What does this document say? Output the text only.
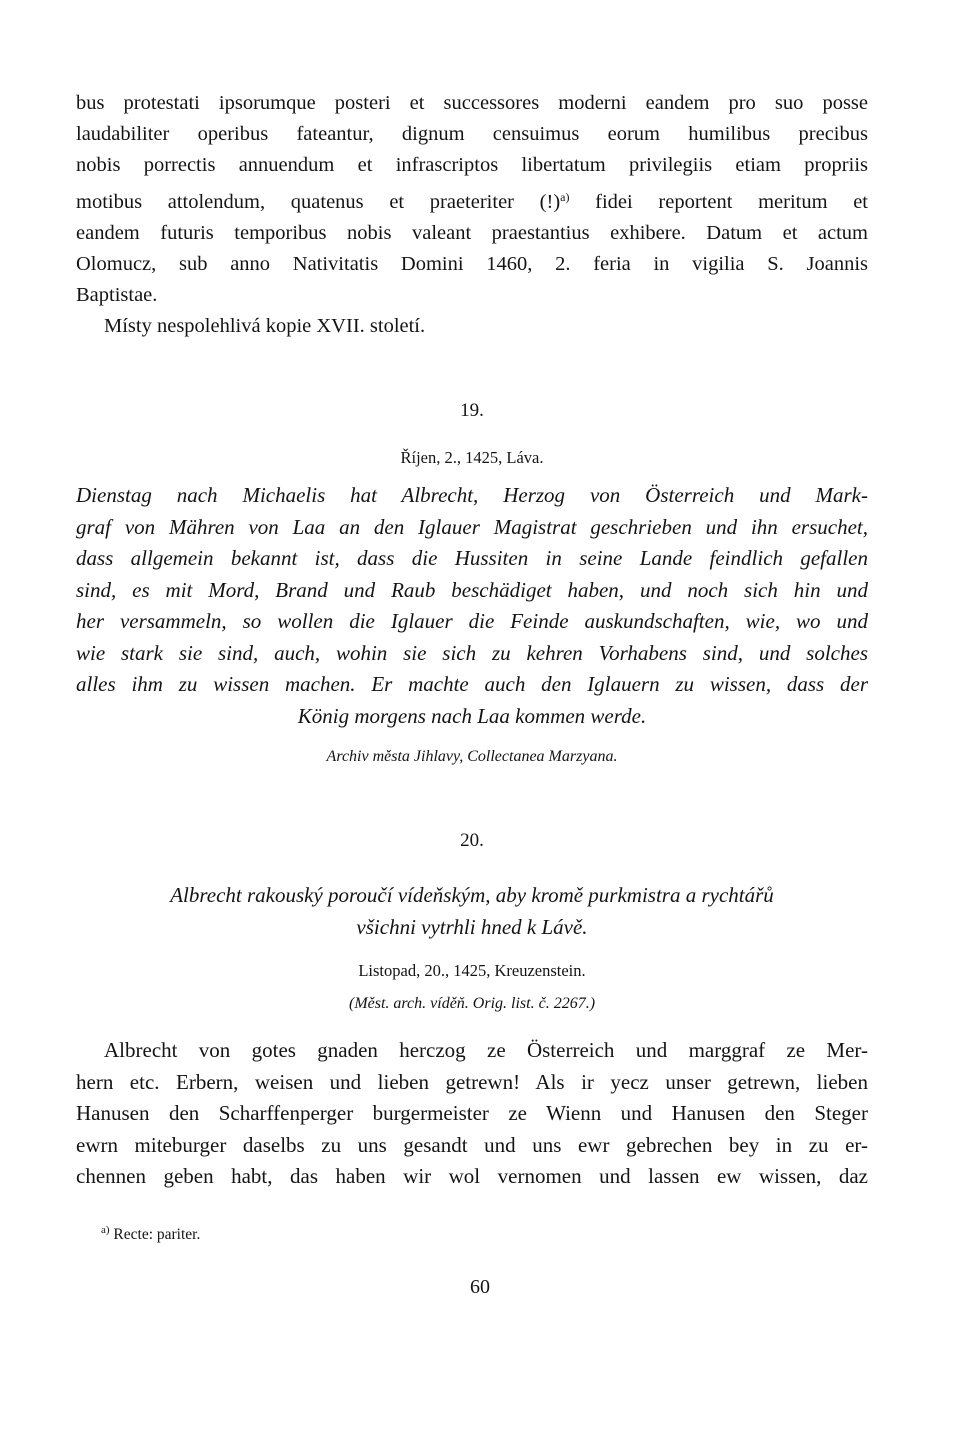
bus protestati ipsorumque posteri et successores moderni eandem pro suo posse
laudabiliter operibus fateantur, dignum censuimus eorum humilibus precibus
nobis porrectis annuendum et infrascriptos libertatum privilegiis etiam propriis
motibus attolendum, quatenus et praeteriter (!)$^{a)}$ fidei reportent meritum et
eandem futuris temporibus nobis valeant praestantius exhibere. Datum et actum
Olomucz, sub anno Nativitatis Domini 1460, 2. feria in vigilia S. Joannis
Baptistae.

Místy nespolehlivá kopie XVII. století.

19.
Říjen, 2., 1425, Láva.
Dienstag nach Michaelis hat Albrecht, Herzog von Österreich und Mark-
graf von Mähren von Laa an den Iglauer Magistrat geschrieben und ihn ersuchet,
dass allgemein bekannt ist, dass die Hussiten in seine Lande feindlich gefallen
sind, es mit Mord, Brand und Raub beschädiget haben, und noch sich hin und
her versammeln, so wollen die Iglauer die Feinde auskundschaften, wie, wo und
wie stark sie sind, auch, wohin sie sich zu kehren Vorhabens sind, und solches
alles ihm zu wissen machen. Er machte auch den Iglauern zu wissen, dass der
König morgens nach Laa kommen werde.
Archiv města Jihlavy, Collectanea Marzyana.
20.
Albrecht rakouský poroučí vídeňským, aby kromě purkmistra a rychtářů
všichni vytrhli hned k Lávě.
Listopad, 20., 1425, Kreuzenstein.
(Měst. arch. víděň. Orig. list. č. 2267.)

Albrecht von gotes gnaden herczog ze Österreich und marggraf ze Mer-
hern etc. Erbern, weisen und lieben getrewn! Als ir yecz unser getrewn, lieben
Hanusen den Scharffenperger burgermeister ze Wienn und Hanusen den Steger
ewrn miteburger daselbs zu uns gesandt und uns ewr gebrechen bey in zu er-
chennen geben habt, das haben wir wol vernomen und lassen ew wissen, daz

$^{a)}$ Recte: pariter.
60
